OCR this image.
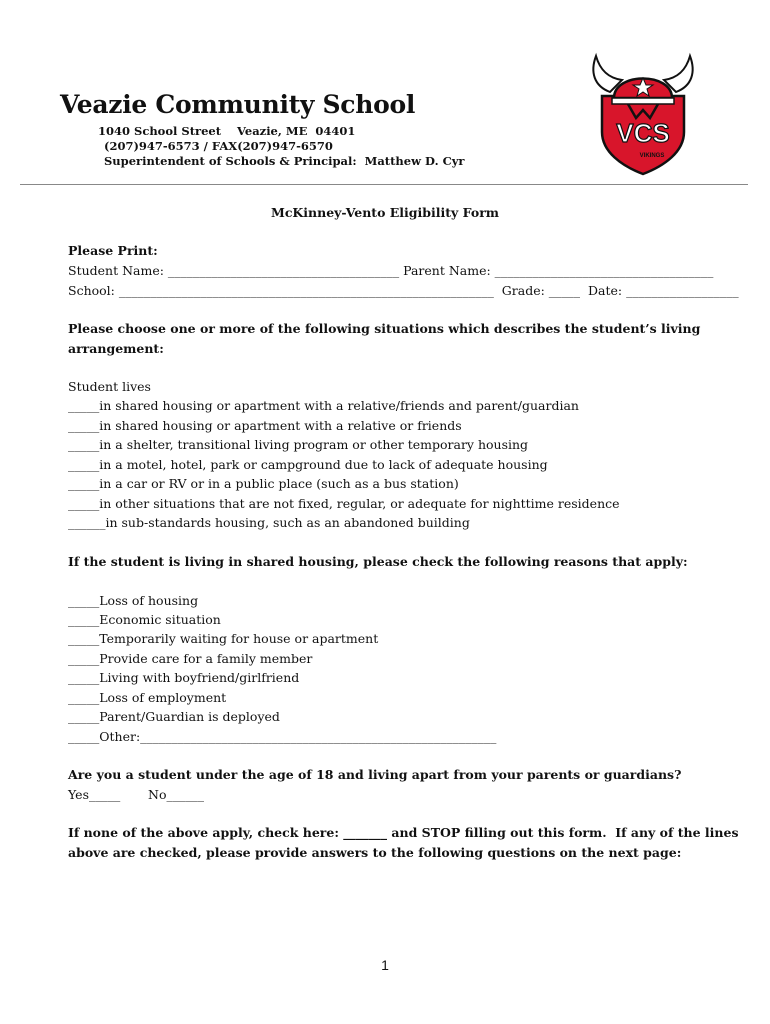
Veazie Community School
1040 School Street    Veazie, ME  04401
(207)947-6573 / FAX(207)947-6570
Superintendent of Schools & Principal:  Matthew D. Cyr
VCS
VIKINGS
McKinney-Vento Eligibility Form
Please Print:
Student Name: _____________________________________ Parent Name: ___________________________________
School: ____________________________________________________________  Grade: _____  Date: __________________
Please choose one or more of the following situations which describes the student’s living
arrangement:
Student lives
_____in shared housing or apartment with a relative/friends and parent/guardian
_____in shared housing or apartment with a relative or friends
_____in a shelter, transitional living program or other temporary housing
_____in a motel, hotel, park or campground due to lack of adequate housing
_____in a car or RV or in a public place (such as a bus station)
_____in other situations that are not fixed, regular, or adequate for nighttime residence
______in sub-standards housing, such as an abandoned building
If the student is living in shared housing, please check the following reasons that apply:
_____Loss of housing
_____Economic situation
_____Temporarily waiting for house or apartment
_____Provide care for a family member
_____Living with boyfriend/girlfriend
_____Loss of employment
_____Parent/Guardian is deployed
_____Other:_________________________________________________________
Are you a student under the age of 18 and living apart from your parents or guardians?
Yes_____       No______
If none of the above apply, check here: _______ and STOP filling out this form.  If any of the lines
above are checked, please provide answers to the following questions on the next page:
1
